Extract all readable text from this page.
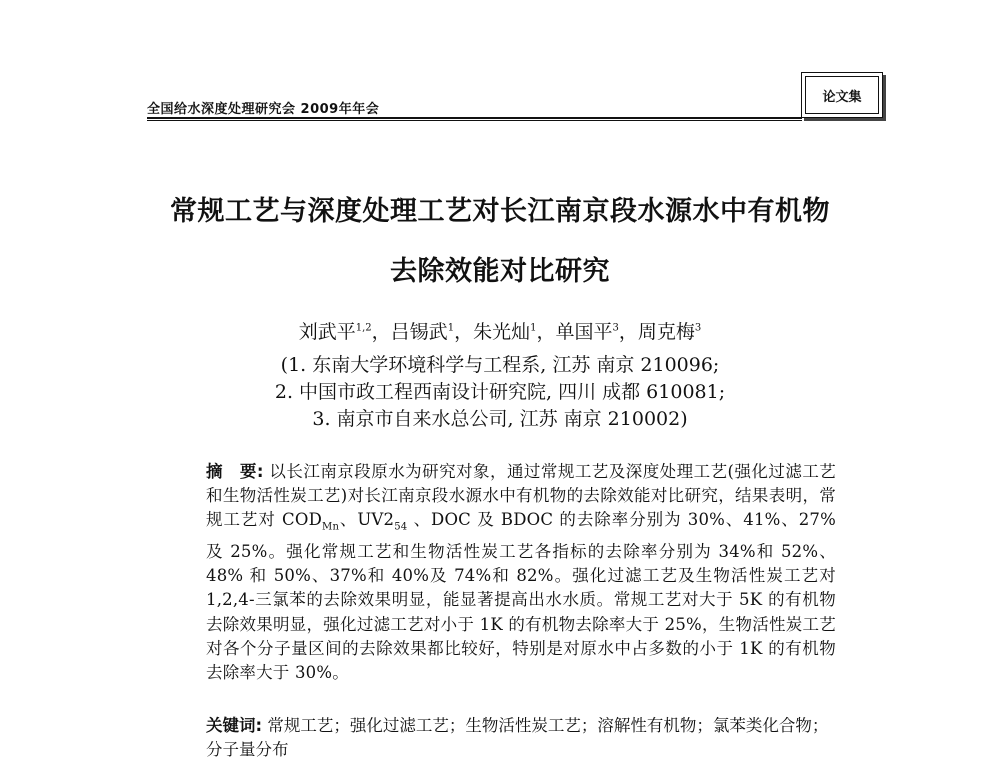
全国给水深度处理研究会 2009年年会
论文集
常规工艺与深度处理工艺对长江南京段水源水中有机物
去除效能对比研究
刘武平$^{1,2}$，吕锡武$^1$，朱光灿$^1$，单国平$^3$，周克梅$^3$
(1. 东南大学环境科学与工程系, 江苏 南京 210096;
2. 中国市政工程西南设计研究院, 四川 成都 610081;
3. 南京市自来水总公司, 江苏 南京 210002)
摘　要: 以长江南京段原水为研究对象，通过常规工艺及深度处理工艺(强化过滤工艺和生物活性炭工艺)对长江南京段水源水中有机物的去除效能对比研究，结果表明，常规工艺对 $COD_{Mn}$、$UV2_{54}$ 、DOC 及 BDOC 的去除率分别为 30%、41%、27% 及 25%。强化常规工艺和生物活性炭工艺各指标的去除率分别为 34%和 52%、48% 和 50%、37%和 40%及 74%和 82%。强化过滤工艺及生物活性炭工艺对 1,2,4-三氯苯的去除效果明显，能显著提高出水水质。常规工艺对大于 5K 的有机物去除效果明显，强化过滤工艺对小于 1K 的有机物去除率大于 25%，生物活性炭工艺对各个分子量区间的去除效果都比较好，特别是对原水中占多数的小于 1K 的有机物去除率大于 30%。
关键词: 常规工艺；强化过滤工艺；生物活性炭工艺；溶解性有机物；氯苯类化合物；分子量分布
